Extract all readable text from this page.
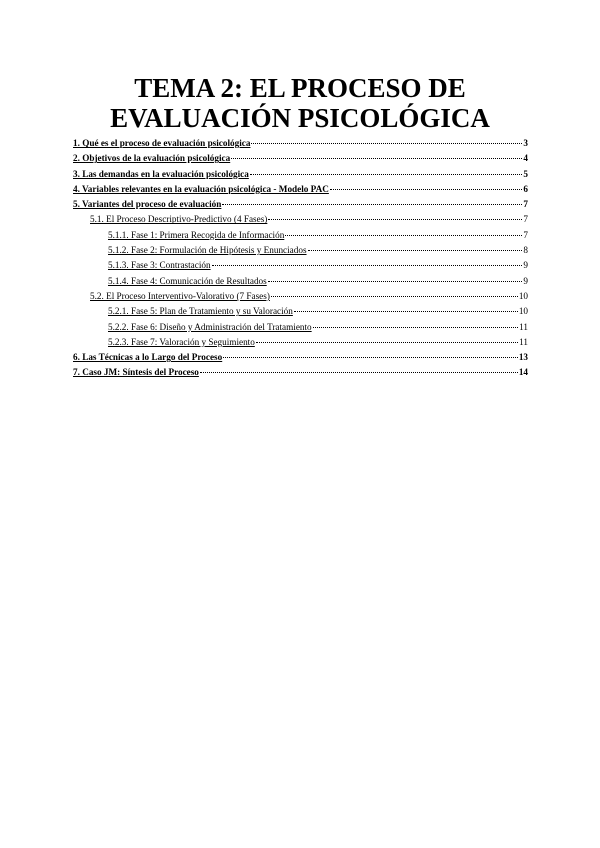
TEMA 2: EL PROCESO DE EVALUACIÓN PSICOLÓGICA
1. Qué es el proceso de evaluación psicológica	3
2. Objetivos de la evaluación psicológica	4
3. Las demandas en la evaluación psicológica	5
4. Variables relevantes en la evaluación psicológica - Modelo PAC	6
5. Variantes del proceso de evaluación	7
5.1. El Proceso Descriptivo-Predictivo (4 Fases)	7
5.1.1. Fase 1: Primera Recogida de Información	7
5.1.2. Fase 2: Formulación de Hipótesis y Enunciados	8
5.1.3. Fase 3: Contrastación	9
5.1.4. Fase 4: Comunicación de Resultados	9
5.2. El Proceso Interventivo-Valorativo (7 Fases)	10
5.2.1. Fase 5: Plan de Tratamiento y su Valoración	10
5.2.2. Fase 6: Diseño y Administración del Tratamiento	11
5.2.3. Fase 7: Valoración y Seguimiento	11
6. Las Técnicas a lo Largo del Proceso	13
7. Caso JM: Síntesis del Proceso	14
